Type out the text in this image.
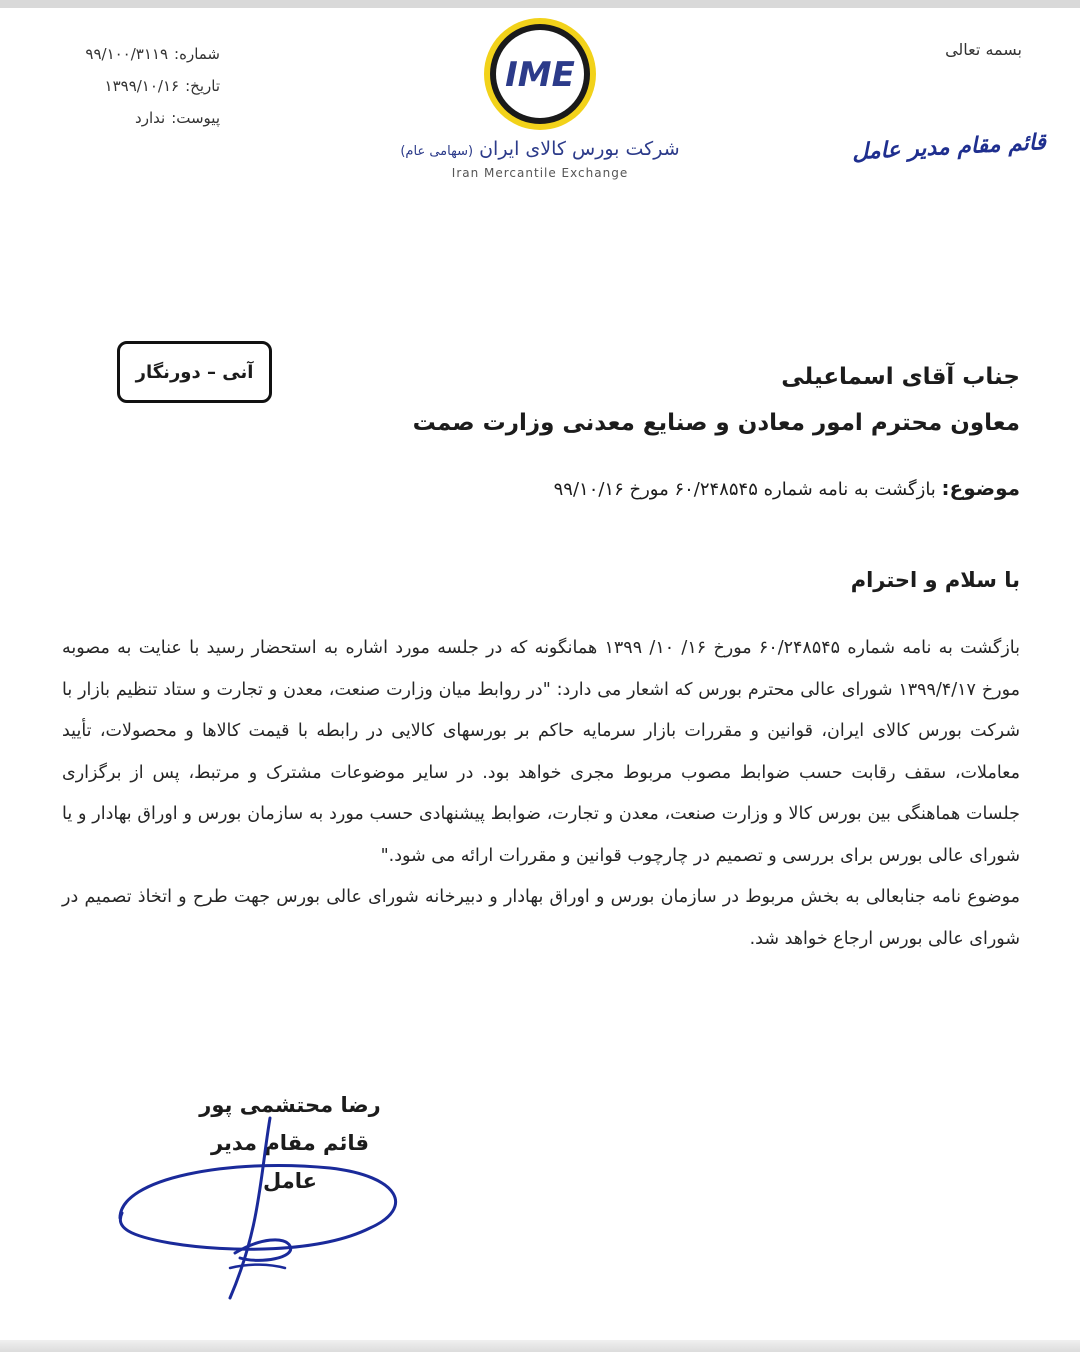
شماره:
۹۹/۱۰۰/۳۱۱۹
تاریخ:
۱۳۹۹/۱۰/۱۶
پیوست:
ندارد
IME
شرکت بورس کالای ایران (سهامی عام)
Iran Mercantile Exchange
بسمه تعالی
قائم مقام مدیر عامل
آنی – دورنگار	جناب آقای اسماعیلی
معاون محترم امور معادن و صنایع معدنی وزارت صمت
موضوع: بازگشت به نامه شماره ۶۰/۲۴۸۵۴۵ مورخ ۹۹/۱۰/۱۶
با سلام و احترام

بازگشت به نامه شماره ۶۰/۲۴۸۵۴۵ مورخ ۱۶/ ۱۰/ ۱۳۹۹ همانگونه که در جلسه مورد اشاره به استحضار رسید با عنایت به مصوبه مورخ ۱۳۹۹/۴/۱۷ شورای عالی محترم بورس که اشعار می دارد: "در روابط میان وزارت صنعت، معدن و تجارت و ستاد تنظیم بازار با شرکت بورس کالای ایران، قوانین و مقررات بازار سرمایه حاکم بر بورسهای کالایی در رابطه با قیمت کالاها و محصولات، تأیید معاملات، سقف رقابت حسب ضوابط مصوب مربوط مجری خواهد بود. در سایر موضوعات مشترک و مرتبط، پس از برگزاری جلسات هماهنگی بین بورس کالا و وزارت صنعت، معدن و تجارت، ضوابط پیشنهادی حسب مورد به سازمان بورس و اوراق بهادار و یا شورای عالی بورس برای بررسی و تصمیم در چارچوب قوانین و مقررات ارائه می شود."

موضوع نامه جنابعالی به بخش مربوط در سازمان بورس و اوراق بهادار و دبیرخانه شورای عالی بورس جهت طرح و اتخاذ تصمیم در شورای عالی بورس ارجاع خواهد شد.

رضا محتشمی پور
قائم مقام مدیر عامل
